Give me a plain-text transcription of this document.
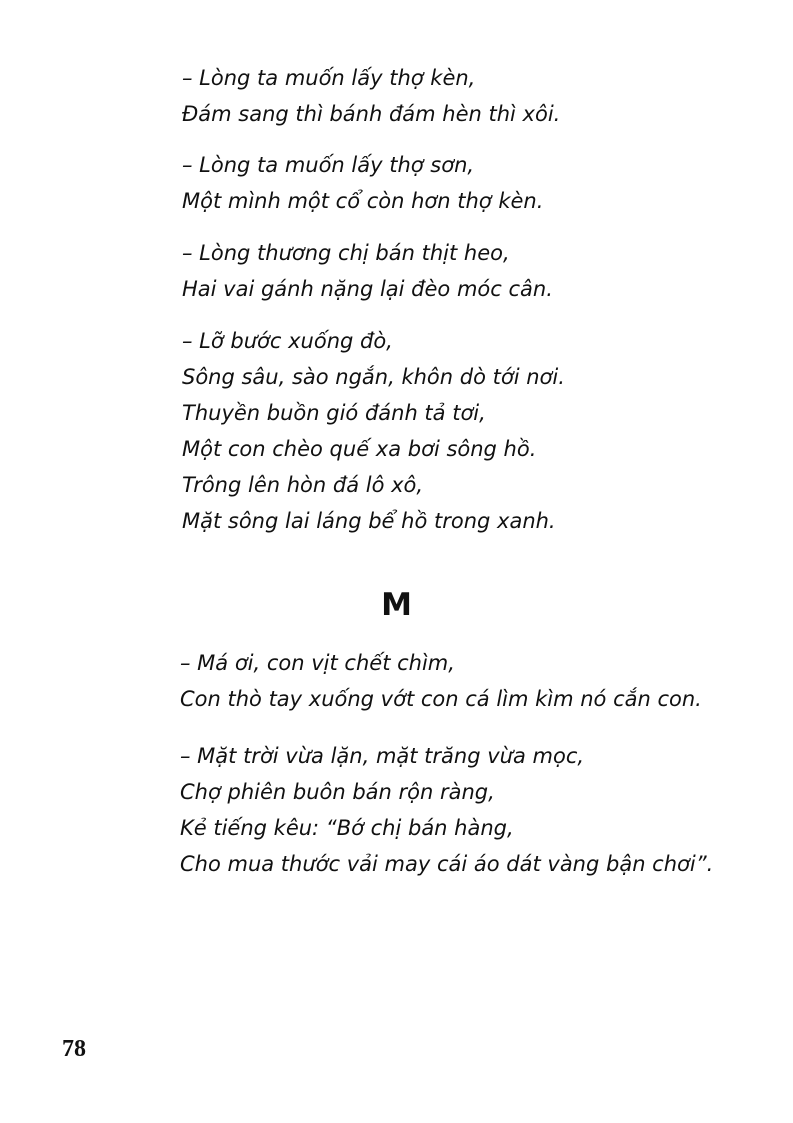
– Lòng ta muốn lấy thợ kèn,
Đám sang thì bánh đám hèn thì xôi.

– Lòng ta muốn lấy thợ sơn,
Một mình một cổ còn hơn thợ kèn.

– Lòng thương chị bán thịt heo,
Hai vai gánh nặng lại đèo móc cân.

– Lỡ bước xuống đò,
Sông sâu, sào ngắn, khôn dò tới nơi.
Thuyền buồn gió đánh tả tơi,
Một con chèo quế xa bơi sông hồ.
Trông lên hòn đá lô xô,
Mặt sông lai láng bể hồ trong xanh.

M

– Má ơi, con vịt chết chìm,
Con thò tay xuống vớt con cá lìm kìm nó cắn con.

– Mặt trời vừa lặn, mặt trăng vừa mọc,
Chợ phiên buôn bán rộn ràng,
Kẻ tiếng kêu: “Bớ chị bán hàng,
Cho mua thước vải may cái áo dát vàng bận chơi”.

78
